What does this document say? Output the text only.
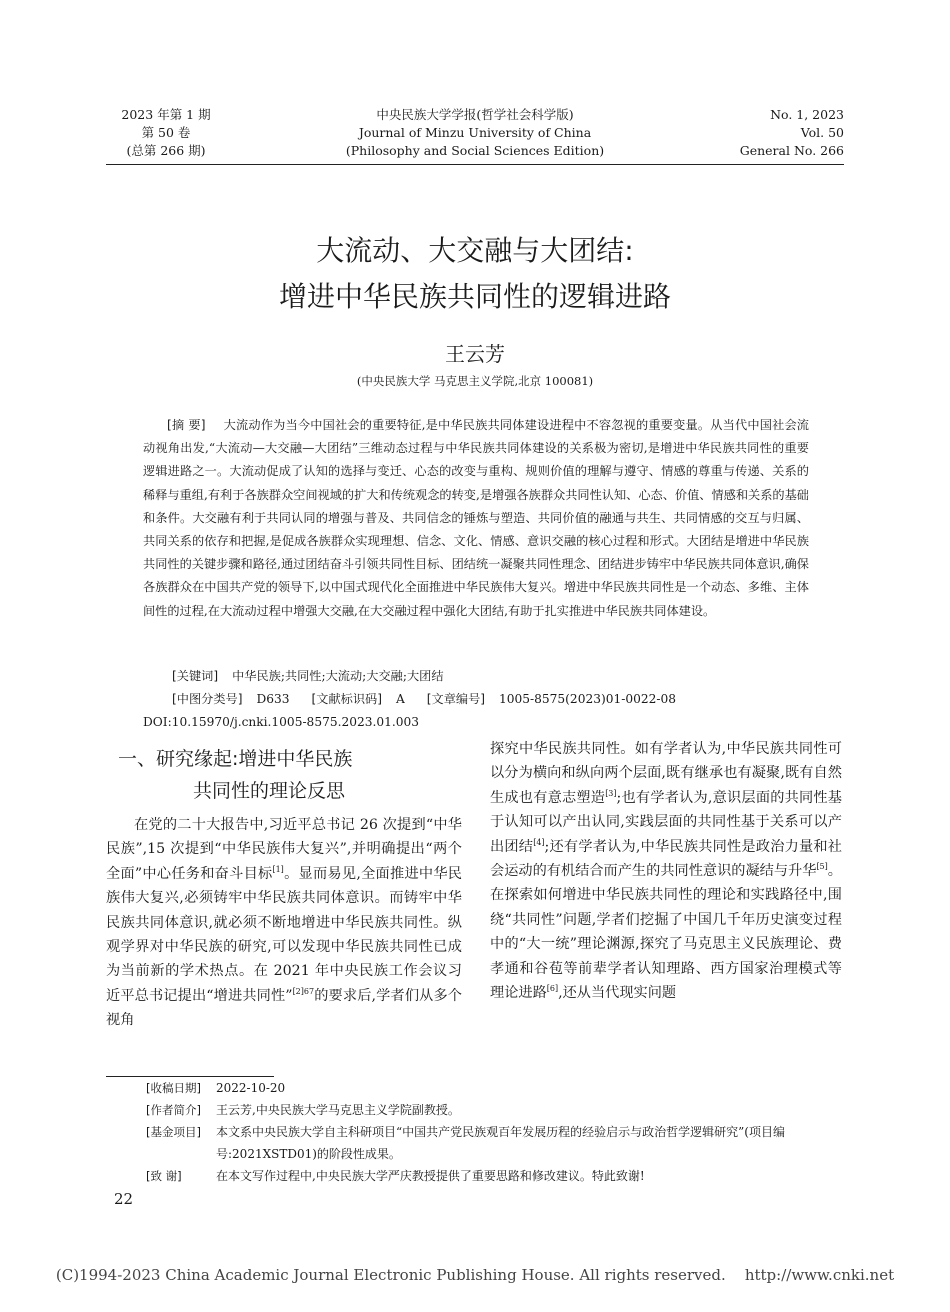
2023 年第 1 期
第 50 卷
(总第 266 期)
中央民族大学学报(哲学社会科学版)
Journal of Minzu University of China
(Philosophy and Social Sciences Edition)
No. 1, 2023
Vol. 50
General No. 266
大流动、大交融与大团结:
增进中华民族共同性的逻辑进路
王云芳
(中央民族大学 马克思主义学院,北京 100081)
[摘 要] 大流动作为当今中国社会的重要特征,是中华民族共同体建设进程中不容忽视的重要变量。从当代中国社会流动视角出发,“大流动—大交融—大团结”三维动态过程与中华民族共同体建设的关系极为密切,是增进中华民族共同性的重要逻辑进路之一。大流动促成了认知的选择与变迁、心态的改变与重构、规则价值的理解与遵守、情感的尊重与传递、关系的稀释与重组,有利于各族群众空间视域的扩大和传统观念的转变,是增强各族群众共同性认知、心态、价值、情感和关系的基础和条件。大交融有利于共同认同的增强与普及、共同信念的锤炼与塑造、共同价值的融通与共生、共同情感的交互与归属、共同关系的依存和把握,是促成各族群众实现理想、信念、文化、情感、意识交融的核心过程和形式。大团结是增进中华民族共同性的关键步骤和路径,通过团结奋斗引领共同性目标、团结统一凝聚共同性理念、团结进步铸牢中华民族共同体意识,确保各族群众在中国共产党的领导下,以中国式现代化全面推进中华民族伟大复兴。增进中华民族共同性是一个动态、多维、主体间性的过程,在大流动过程中增强大交融,在大交融过程中强化大团结,有助于扎实推进中华民族共同体建设。
[关键词] 中华民族;共同性;大流动;大交融;大团结
[中图分类号] D633 [文献标识码] A [文章编号] 1005-8575(2023)01-0022-08
DOI:10.15970/j.cnki.1005-8575.2023.01.003
一、研究缘起:增进中华民族
共同性的理论反思
在党的二十大报告中,习近平总书记 26 次提到“中华民族”,15 次提到“中华民族伟大复兴”,并明确提出“两个全面”中心任务和奋斗目标[1]。显而易见,全面推进中华民族伟大复兴,必须铸牢中华民族共同体意识。而铸牢中华民族共同体意识,就必须不断地增进中华民族共同性。纵观学界对中华民族的研究,可以发现中华民族共同性已成为当前新的学术热点。在 2021 年中央民族工作会议习近平总书记提出“增进共同性”$^{[2]67}$的要求后,学者们从多个视角
探究中华民族共同性。如有学者认为,中华民族共同性可以分为横向和纵向两个层面,既有继承也有凝聚,既有自然生成也有意志塑造[3];也有学者认为,意识层面的共同性基于认知可以产出认同,实践层面的共同性基于关系可以产出团结[4];还有学者认为,中华民族共同性是政治力量和社会运动的有机结合而产生的共同性意识的凝结与升华[5]。在探索如何增进中华民族共同性的理论和实践路径中,围绕“共同性”问题,学者们挖掘了中国几千年历史演变过程中的“大一统”理论渊源,探究了马克思主义民族理论、费孝通和谷苞等前辈学者认知理路、西方国家治理模式等理论进路[6],还从当代现实问题
[收稿日期]	2022-10-20
[作者简介]	王云芳,中央民族大学马克思主义学院副教授。
[基金项目]	本文系中央民族大学自主科研项目“中国共产党民族观百年发展历程的经验启示与政治哲学逻辑研究”(项目编号:2021XSTD01)的阶段性成果。
[致 谢]	在本文写作过程中,中央民族大学严庆教授提供了重要思路和修改建议。特此致谢!
22
(C)1994-2023 China Academic Journal Electronic Publishing House. All rights reserved.    http://www.cnki.net
